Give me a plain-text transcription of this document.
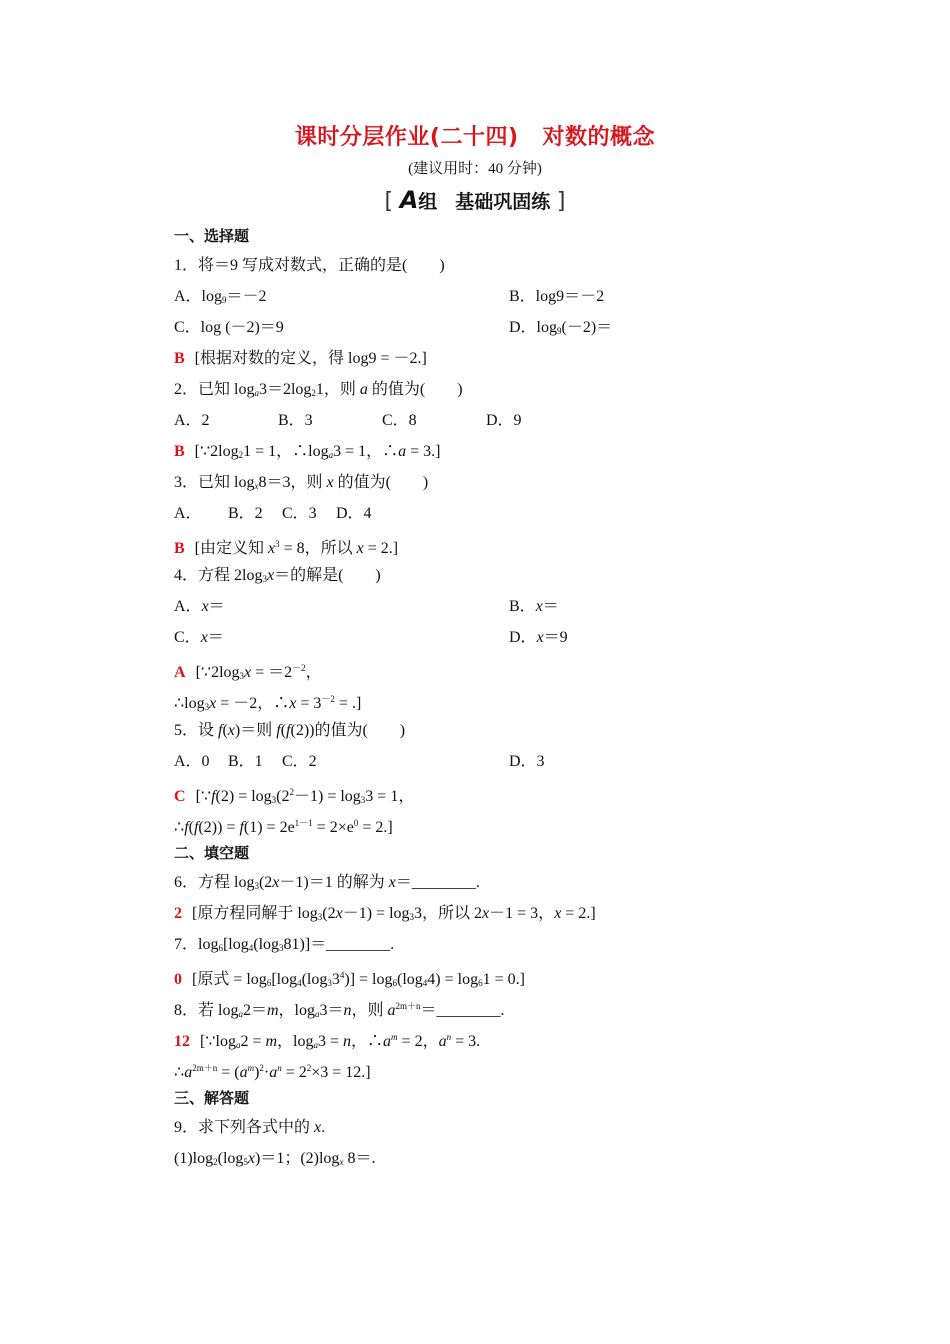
课时分层作业(二十四) 对数的概念
(建议用时：40 分钟)
[ A组 基础巩固练 ]
一、选择题
1．将＝9 写成对数式，正确的是(　　)
A．$\log_9=-2$	B．log9＝－2
C．log (－2)＝9	D．$\log_9(-2)=$
B [根据对数的定义，得 log9 = －2.]
2．已知 $\log_a3=2\log_21$，则 a 的值为(　　)
A．2	B．3	C．8	D．9
B [$\because 2\log_21 = 1$，$\therefore\log_a3 = 1$，∴a = 3.]
3．已知 $\log_x8=3$，则 x 的值为(　　)
A． B．2 C．3 D．4
B [由定义知 $x^3 = 8$，所以 x = 2.]
4．方程 $2\log_3x=$的解是(　　)
A．x＝	B．x＝
C．x＝	D．x＝9
A [$\because 2\log_3x = =2^{-2}$，
$\therefore\log_3x = -2$，∴x = $3^{-2}$ = .]
5．设 f(x)＝则 f(f(2))的值为(　　)
A．0 B．1 C．2	D．3
C [∵f(2) = $\log_3(2^2-1) = \log_33 = 1$，
∴f(f(2)) = $f(1) = 2e^{1-1} = 2\times e^0 = 2$.]
二、填空题
6．方程 $\log_3(2x-1)=1$ 的解为 x＝________.
2 [原方程同解于 $\log_3(2x-1) = \log_33$，所以 2x－1 = 3，x = 2.]
7．$\log_6[\log_4(\log_381)]=\_\_\_\_\_\_\_\_$.
0 [原式 = $\log_6[\log_4(\log_33^4)] = \log_6(\log_44) = \log_61 = 0$.]
8．若 $\log_a2=m$，$\log_a3=n$，则 $a^{2m+n}=\_\_\_\_\_\_\_\_$.
12 [$\because\log_a2 = m$，$\log_a3 = n$，$\therefore a^m = 2$，$a^n = 3$.
$\therefore a^{2m+n} = (a^m)^2\cdot a^n = 2^2\times 3 = 12$.]
三、解答题
9．求下列各式中的 x.
$(1)\log_2(\log_5x)=1$；$(2)\log_x$ 8＝.
